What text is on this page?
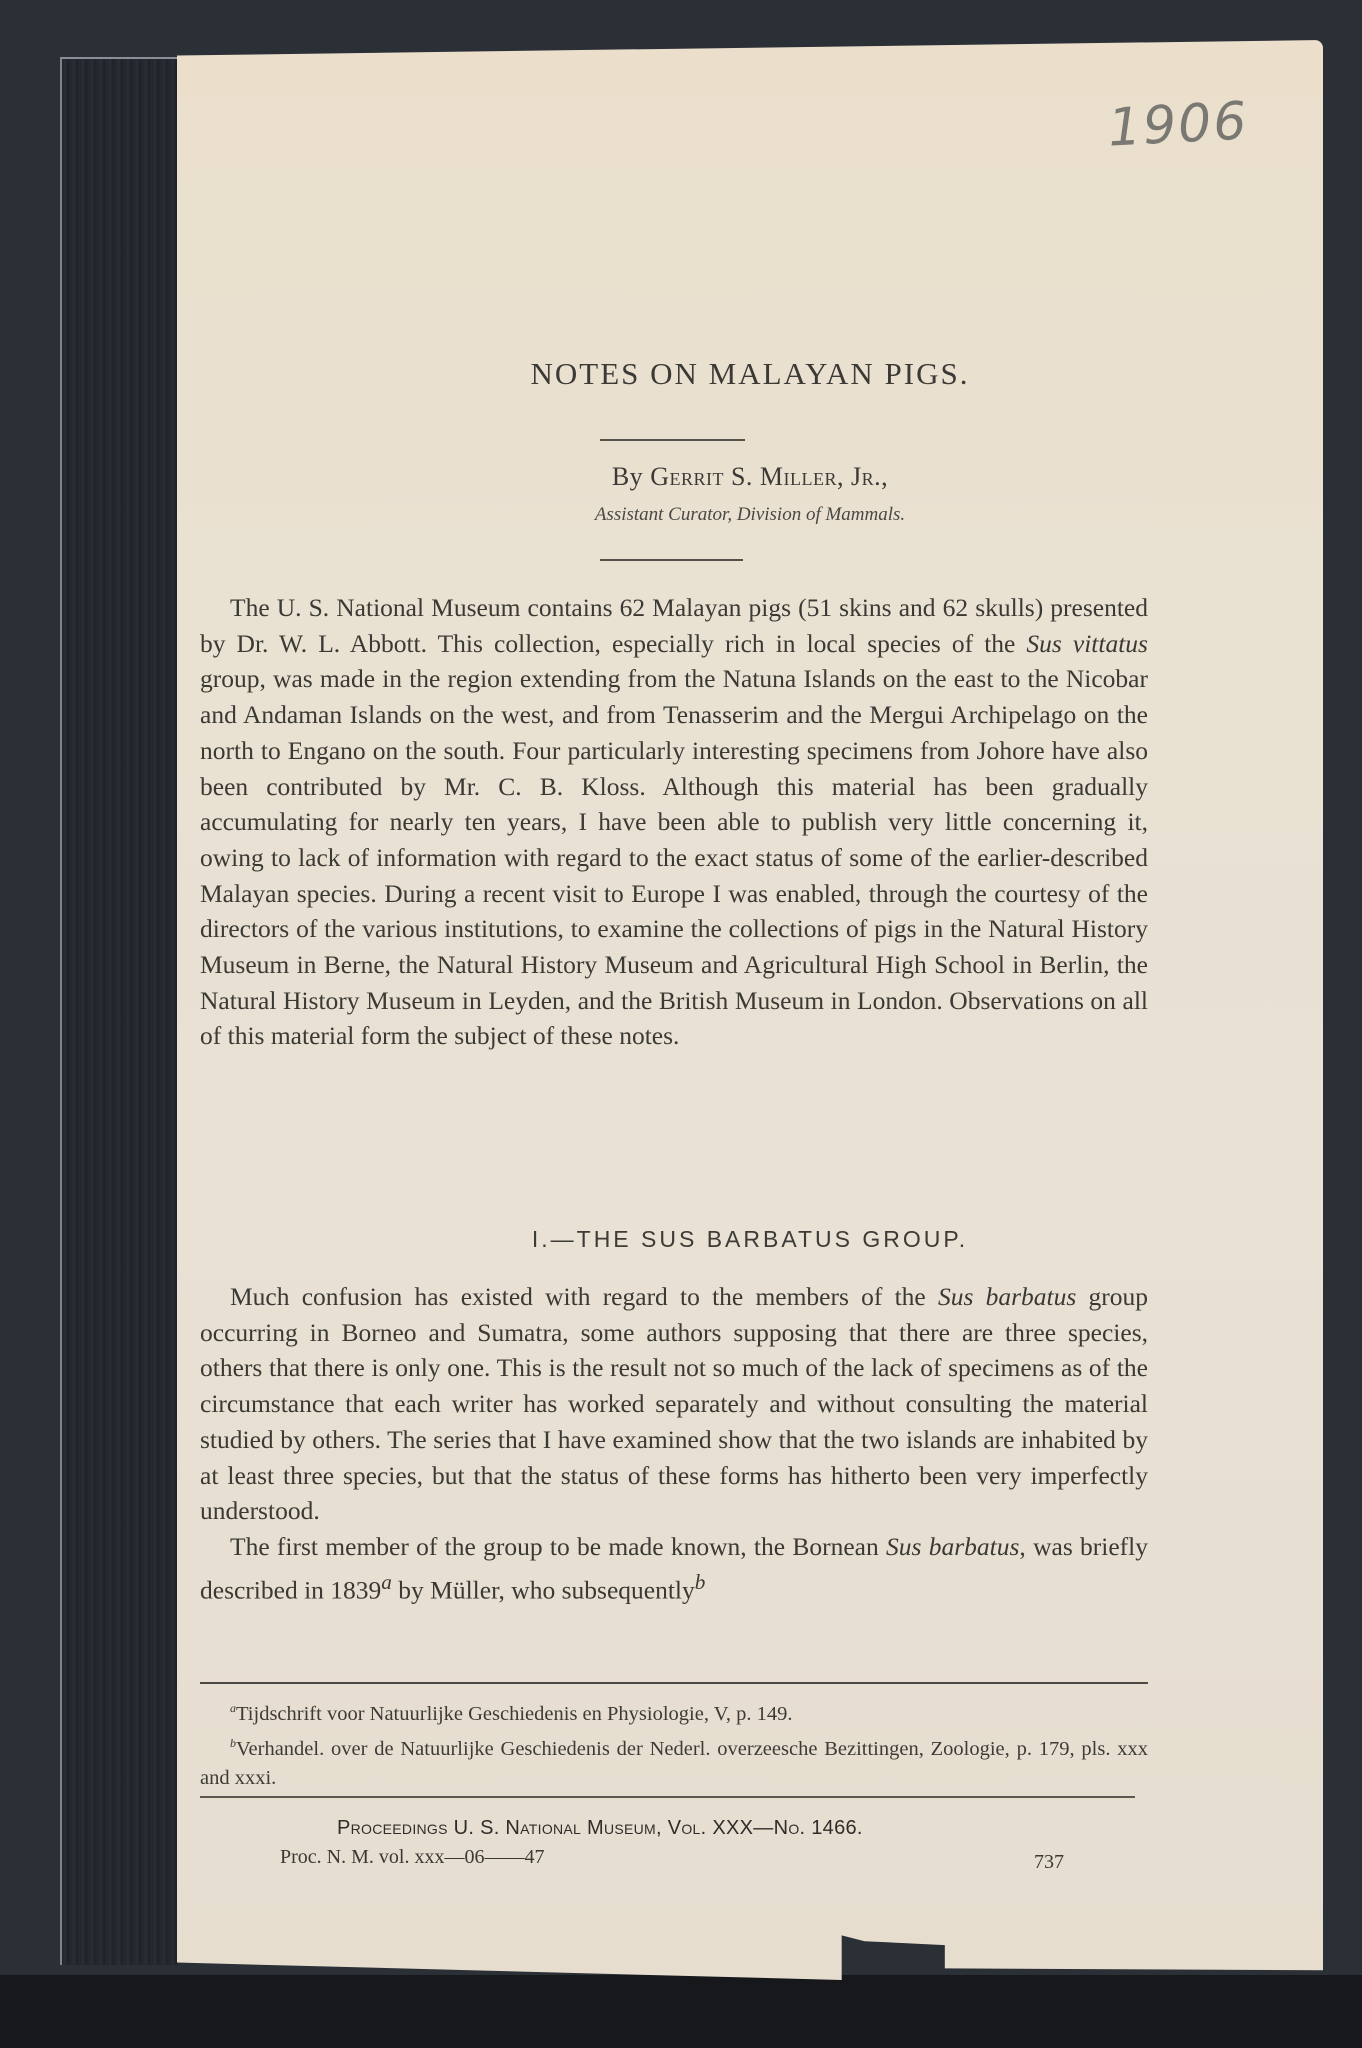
1906
NOTES ON MALAYAN PIGS.
By Gerrit S. Miller, Jr.,
Assistant Curator, Division of Mammals.

The U. S. National Museum contains 62 Malayan pigs (51 skins and 62 skulls) presented by Dr. W. L. Abbott. This collection, especially rich in local species of the Sus vittatus group, was made in the region extending from the Natuna Islands on the east to the Nicobar and Andaman Islands on the west, and from Tenasserim and the Mergui Archipelago on the north to Engano on the south. Four particularly interesting specimens from Johore have also been contributed by Mr. C. B. Kloss. Although this material has been gradually accumulating for nearly ten years, I have been able to publish very little concerning it, owing to lack of information with regard to the exact status of some of the earlier-described Malayan species. During a recent visit to Europe I was enabled, through the courtesy of the directors of the various institutions, to examine the collections of pigs in the Natural History Museum in Berne, the Natural History Museum and Agricultural High School in Berlin, the Natural History Museum in Leyden, and the British Museum in London. Observations on all of this material form the subject of these notes.

I.—THE SUS BARBATUS GROUP.

Much confusion has existed with regard to the members of the Sus barbatus group occurring in Borneo and Sumatra, some authors supposing that there are three species, others that there is only one. This is the result not so much of the lack of specimens as of the circumstance that each writer has worked separately and without consulting the material studied by others. The series that I have examined show that the two islands are inhabited by at least three species, but that the status of these forms has hitherto been very imperfectly understood.

The first member of the group to be made known, the Bornean Sus barbatus, was briefly described in 1839$^a$ by Müller, who subsequently$^b$

$^a$Tijdschrift voor Natuurlijke Geschiedenis en Physiologie, V, p. 149.

$^b$Verhandel. over de Natuurlijke Geschiedenis der Nederl. overzeesche Bezittingen, Zoologie, p. 179, pls. xxx and xxxi.

Proceedings U. S. National Museum, Vol. XXX—No. 1466.
Proc. N. M. vol. xxx—06——47	737
